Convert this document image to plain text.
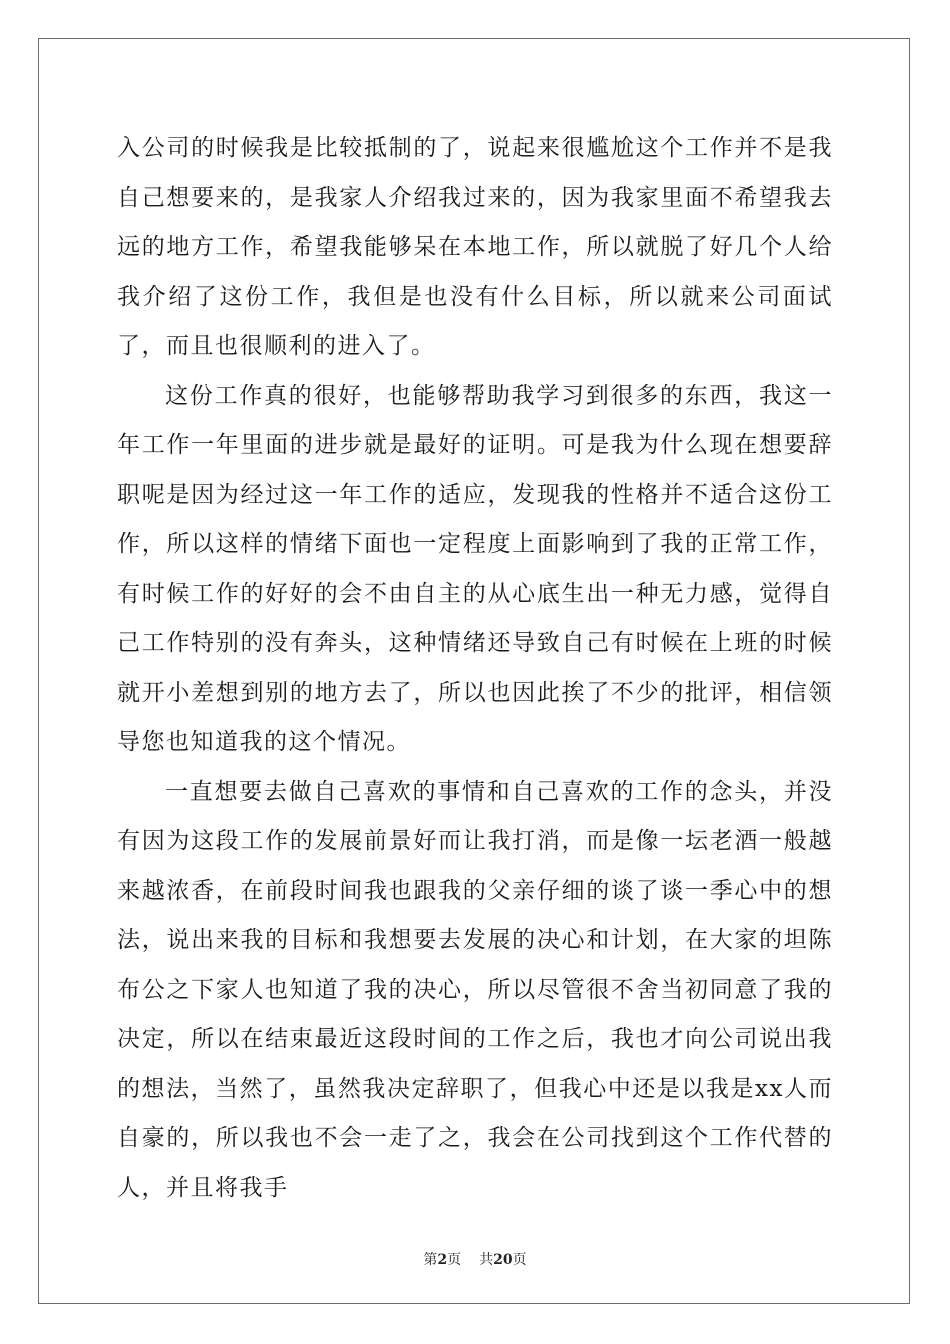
入公司的时候我是比较抵制的了，说起来很尴尬这个工作并不是我自己想要来的，是我家人介绍我过来的，因为我家里面不希望我去远的地方工作，希望我能够呆在本地工作，所以就脱了好几个人给我介绍了这份工作，我但是也没有什么目标，所以就来公司面试了，而且也很顺利的进入了。

这份工作真的很好，也能够帮助我学习到很多的东西，我这一年工作一年里面的进步就是最好的证明。可是我为什么现在想要辞职呢是因为经过这一年工作的适应，发现我的性格并不适合这份工作，所以这样的情绪下面也一定程度上面影响到了我的正常工作，有时候工作的好好的会不由自主的从心底生出一种无力感，觉得自己工作特别的没有奔头，这种情绪还导致自己有时候在上班的时候就开小差想到别的地方去了，所以也因此挨了不少的批评，相信领导您也知道我的这个情况。

一直想要去做自己喜欢的事情和自己喜欢的工作的念头，并没有因为这段工作的发展前景好而让我打消，而是像一坛老酒一般越来越浓香，在前段时间我也跟我的父亲仔细的谈了谈一季心中的想法，说出来我的目标和我想要去发展的决心和计划，在大家的坦陈布公之下家人也知道了我的决心，所以尽管很不舍当初同意了我的决定，所以在结束最近这段时间的工作之后，我也才向公司说出我的想法，当然了，虽然我决定辞职了，但我心中还是以我是xx人而自豪的，所以我也不会一走了之，我会在公司找到这个工作代替的人，并且将我手

第2页 共20页
